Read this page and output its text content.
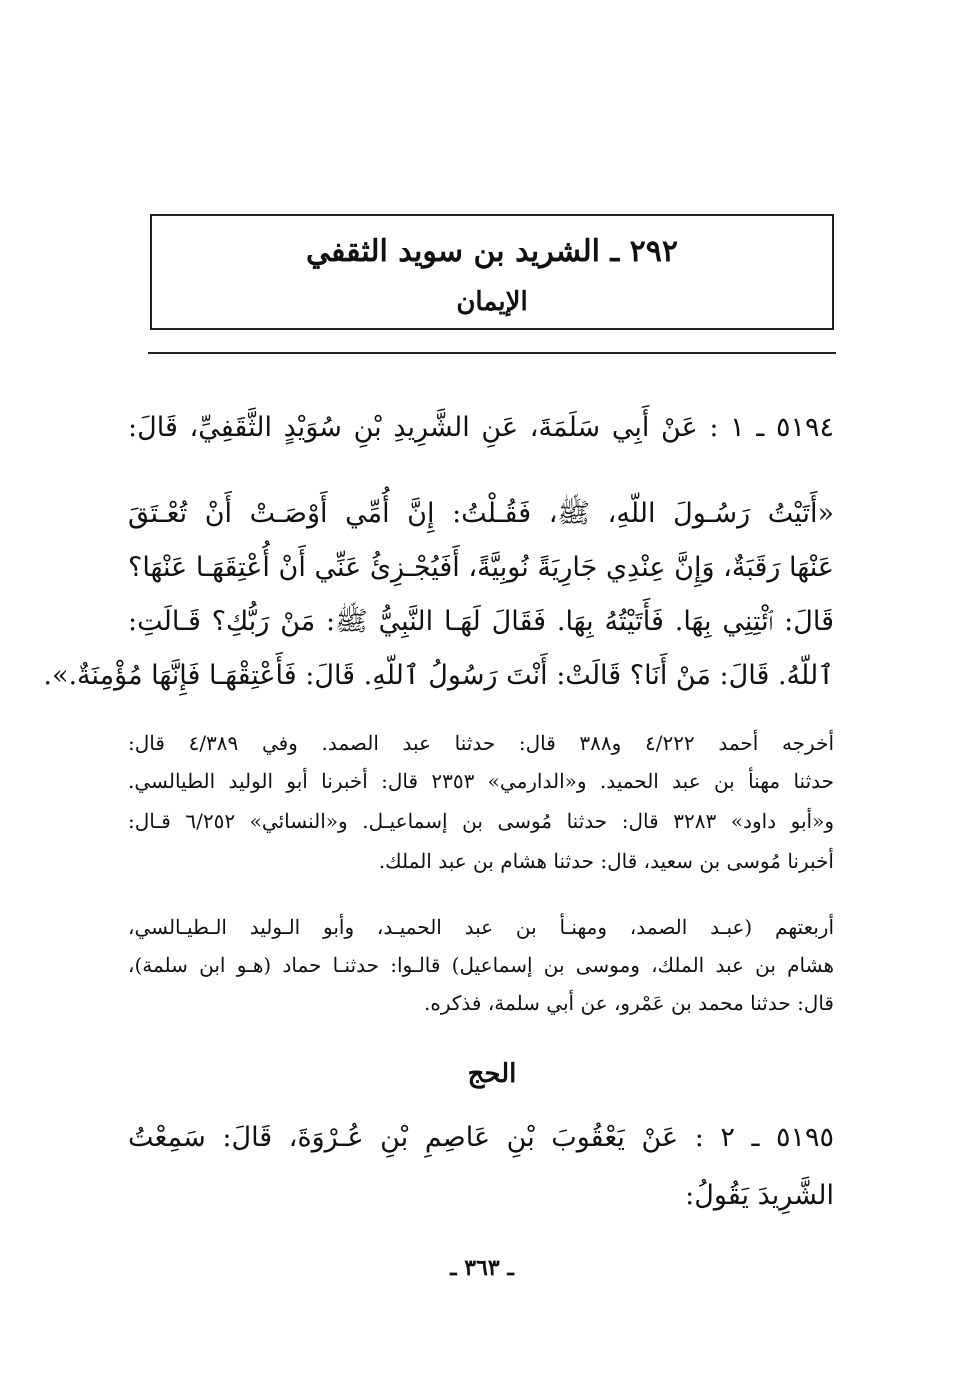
٢٩٢ ـ الشريد بن سويد الثقفي
الإيمان
٥١٩٤ ـ ١ : عَنْ أَبِي سَلَمَةَ، عَنِ الشَّرِيدِ بْنِ سُوَيْدٍ الثَّقَفِيِّ، قَالَ:
«أَتَيْتُ رَسُـولَ اللّهِ، ﷺ، فَقُـلْتُ: إِنَّ أُمِّي أَوْصَـتْ أَنْ تُعْـتَقَ
عَنْهَا رَقَبَةٌ، وَإِنَّ عِنْدِي جَارِيَةً نُوبِيَّةً، أَفَيُجْـزِئُ عَنِّي أَنْ أُعْتِقَهَـا عَنْهَا؟
قَالَ: ٱئْتِنِي بِهَا. فَأَتَيْتُهُ بِهَا. فَقَالَ لَهَـا النَّبِيُّ ﷺ: مَنْ رَبُّكِ؟ قَـالَتِ:
ٱللّهُ. قَالَ: مَنْ أَنَا؟ قَالَتْ: أَنْتَ رَسُولُ ٱللّهِ. قَالَ: فَأَعْتِقْهَـا فَإِنَّهَا مُؤْمِنَةٌ.».
أخرجه أحمد ٤/٢٢٢ و٣٨٨ قال: حدثنا عبد الصمد. وفي ٤/٣٨٩ قال:
حدثنا مهنأ بن عبد الحميد. و«الدارمي» ٢٣٥٣ قال: أخبرنا أبو الوليد الطيالسي.
و«أبو داود» ٣٢٨٣ قال: حدثنا مُوسى بن إسماعيـل. و«النسائي» ٦/٢٥٢ قـال:
أخبرنا مُوسى بن سعيد، قال: حدثنا هشام بن عبد الملك.
أربعتهم (عبـد الصمد، ومهنـأ بن عبد الحميـد، وأبو الـوليد الـطيـالسي،
هشام بن عبد الملك، وموسى بن إسماعيل) قالـوا: حدثنـا حماد (هـو ابن سلمة)،
قال: حدثنا محمد بن عَمْرو، عن أبي سلمة، فذكره.
الحج
٥١٩٥ ـ ٢ : عَنْ يَعْقُوبَ بْنِ عَاصِمِ بْنِ عُـرْوَةَ، قَالَ: سَمِعْتُ
الشَّرِيدَ يَقُولُ:
ـ ٣٦٣ ـ
